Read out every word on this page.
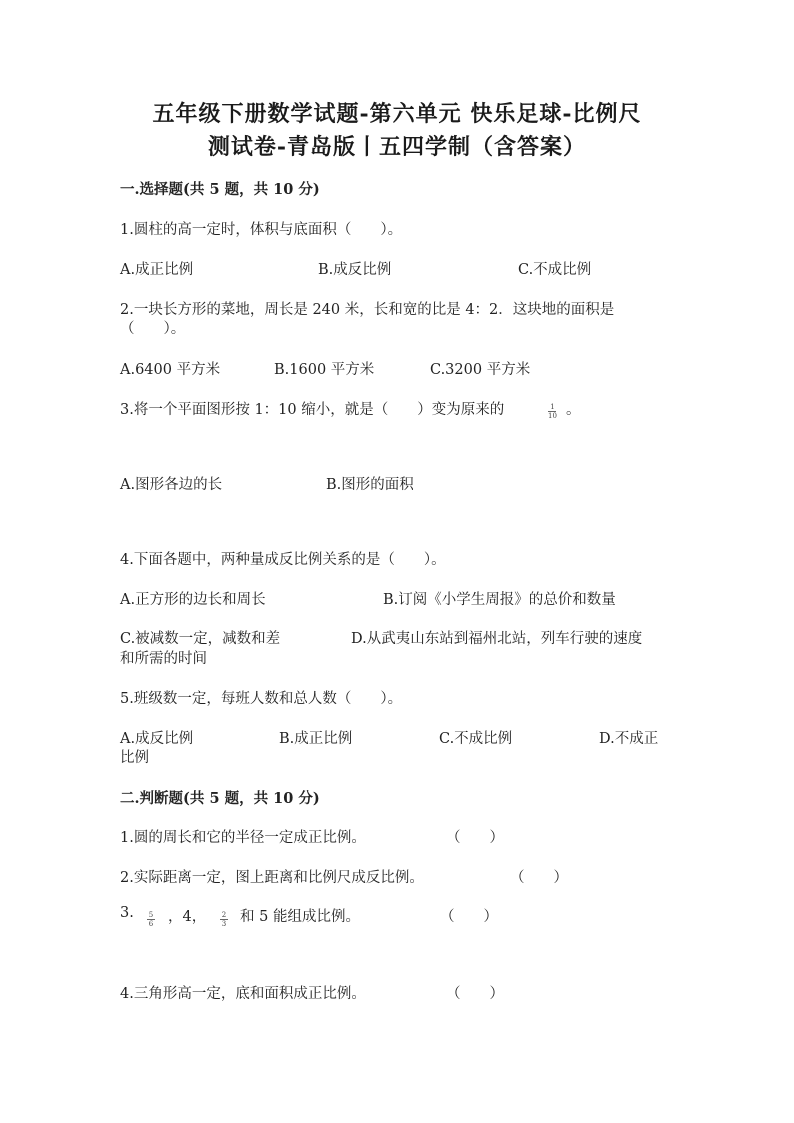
五年级下册数学试题-第六单元 快乐足球-比例尺
测试卷-青岛版丨五四学制（含答案）
一.选择题(共 5 题，共 10 分)
1.圆柱的高一定时，体积与底面积（　　）。
A.成正比例	B.成反比例	C.不成比例
2.一块长方形的菜地，周长是 240 米，长和宽的比是 4：2．这块地的面积是
（　　）。
A.6400 平方米	B.1600 平方米	C.3200 平方米
3.将一个平面图形按 1：10 缩小，就是（　　）变为原来的	1
10 。
A.图形各边的长	B.图形的面积
4.下面各题中，两种量成反比例关系的是（　　）。
A.正方形的边长和周长	B.订阅《小学生周报》的总价和数量
C.被减数一定，减数和差	D.从武夷山东站到福州北站，列车行驶的速度
和所需的时间
5.班级数一定，每班人数和总人数（　　）。
A.成反比例	B.成正比例	C.不成比例	D.不成正
比例
二.判断题(共 5 题，共 10 分)
1.圆的周长和它的半径一定成正比例。	（　　）
2.实际距离一定，图上距离和比例尺成反比例。	（　　）
3. 5
6 ，4， 2
3 和 5 能组成比例。	（　　）
4.三角形高一定，底和面积成正比例。	（　　）
